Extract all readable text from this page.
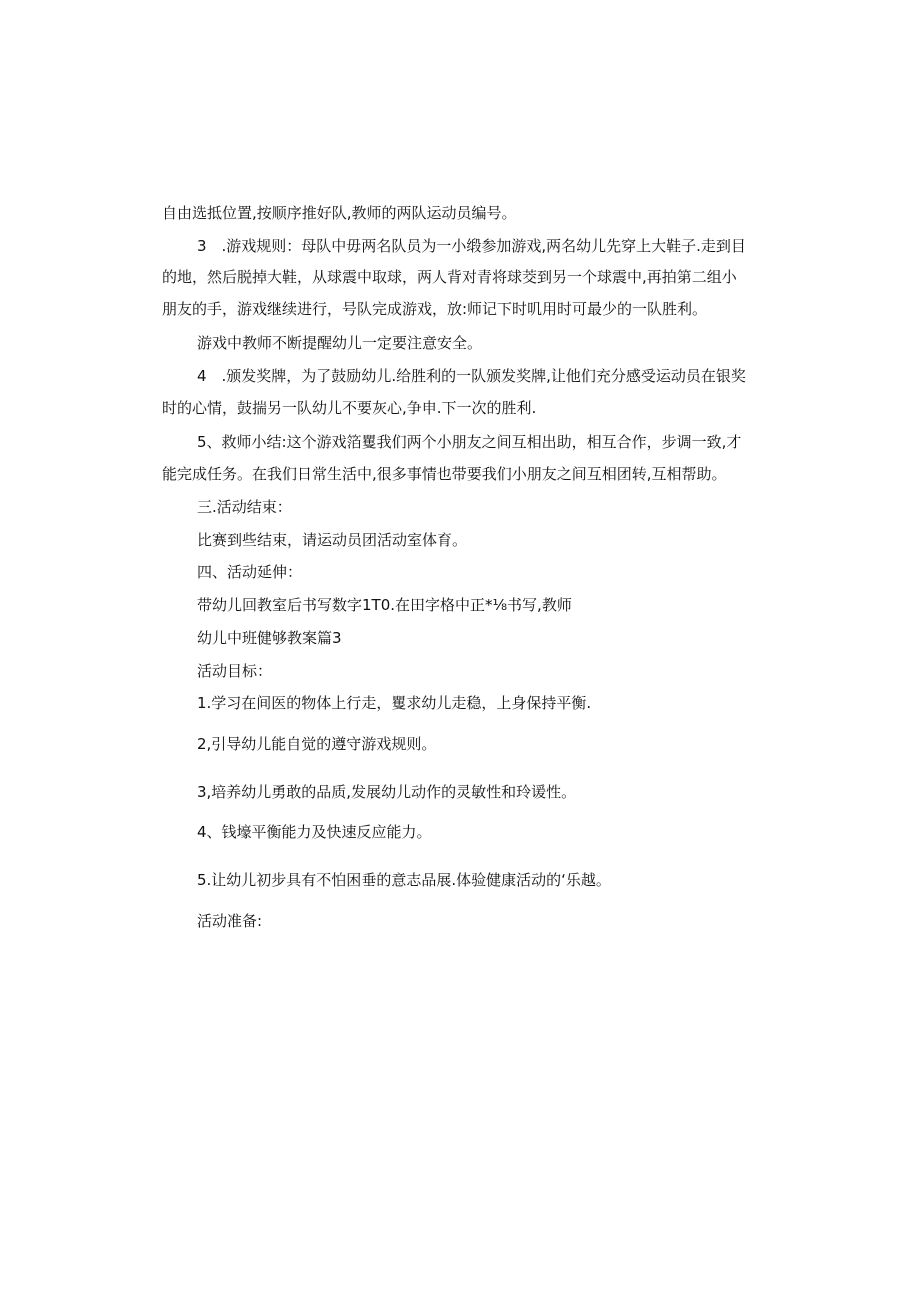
自由选抵位置,按顺序推好队,教师的两队运动员编号。
3　.游戏规则：母队中毋两名队员为一小缎参加游戏,两名幼儿先穿上大鞋子.走到目
的地，然后脱掉大鞋，从球震中取球，两人背对青将球茭到另一个球震中,再拍第二组小
朋友的手，游戏继续进行，号队完成游戏，放:师记下时叽用时可最少的一队胜利。
游戏中教师不断提醒幼儿一定要注意安全。
4　.颁发奖牌，为了鼓励幼儿.给胜利的一队颁发奖牌,让他们充分感受运动员在银奖
时的心情，鼓揣另一队幼儿不要灰心,争申.下一次的胜利.
5、救师小结:这个游戏箔矍我们两个小朋友之间互相出助，相互合作，步调一致,才
能完成任务。在我们日常生活中,很多事情也带要我们小朋友之间互相团转,互相帮助。
三.活动结束：
比赛到些结束，请运动员团活动室体育。
四、活动延伸：
带幼儿回教室后书写数字1T0.在田字格中正*⅛书写,教师
幼儿中班健够教案篇3
活动目标：
1.学习在间医的物体上行走，矍求幼儿走稳，上身保持平衡.
2,引导幼儿能自觉的遵守游戏规则。
3,培养幼儿勇敢的品质,发展幼儿动作的灵敏性和玲谖性。
4、钱壕平衡能力及快速反应能力。
5.让幼儿初步具有不怕困垂的意志品展.体验健康活动的‘乐越。
活动准备:
